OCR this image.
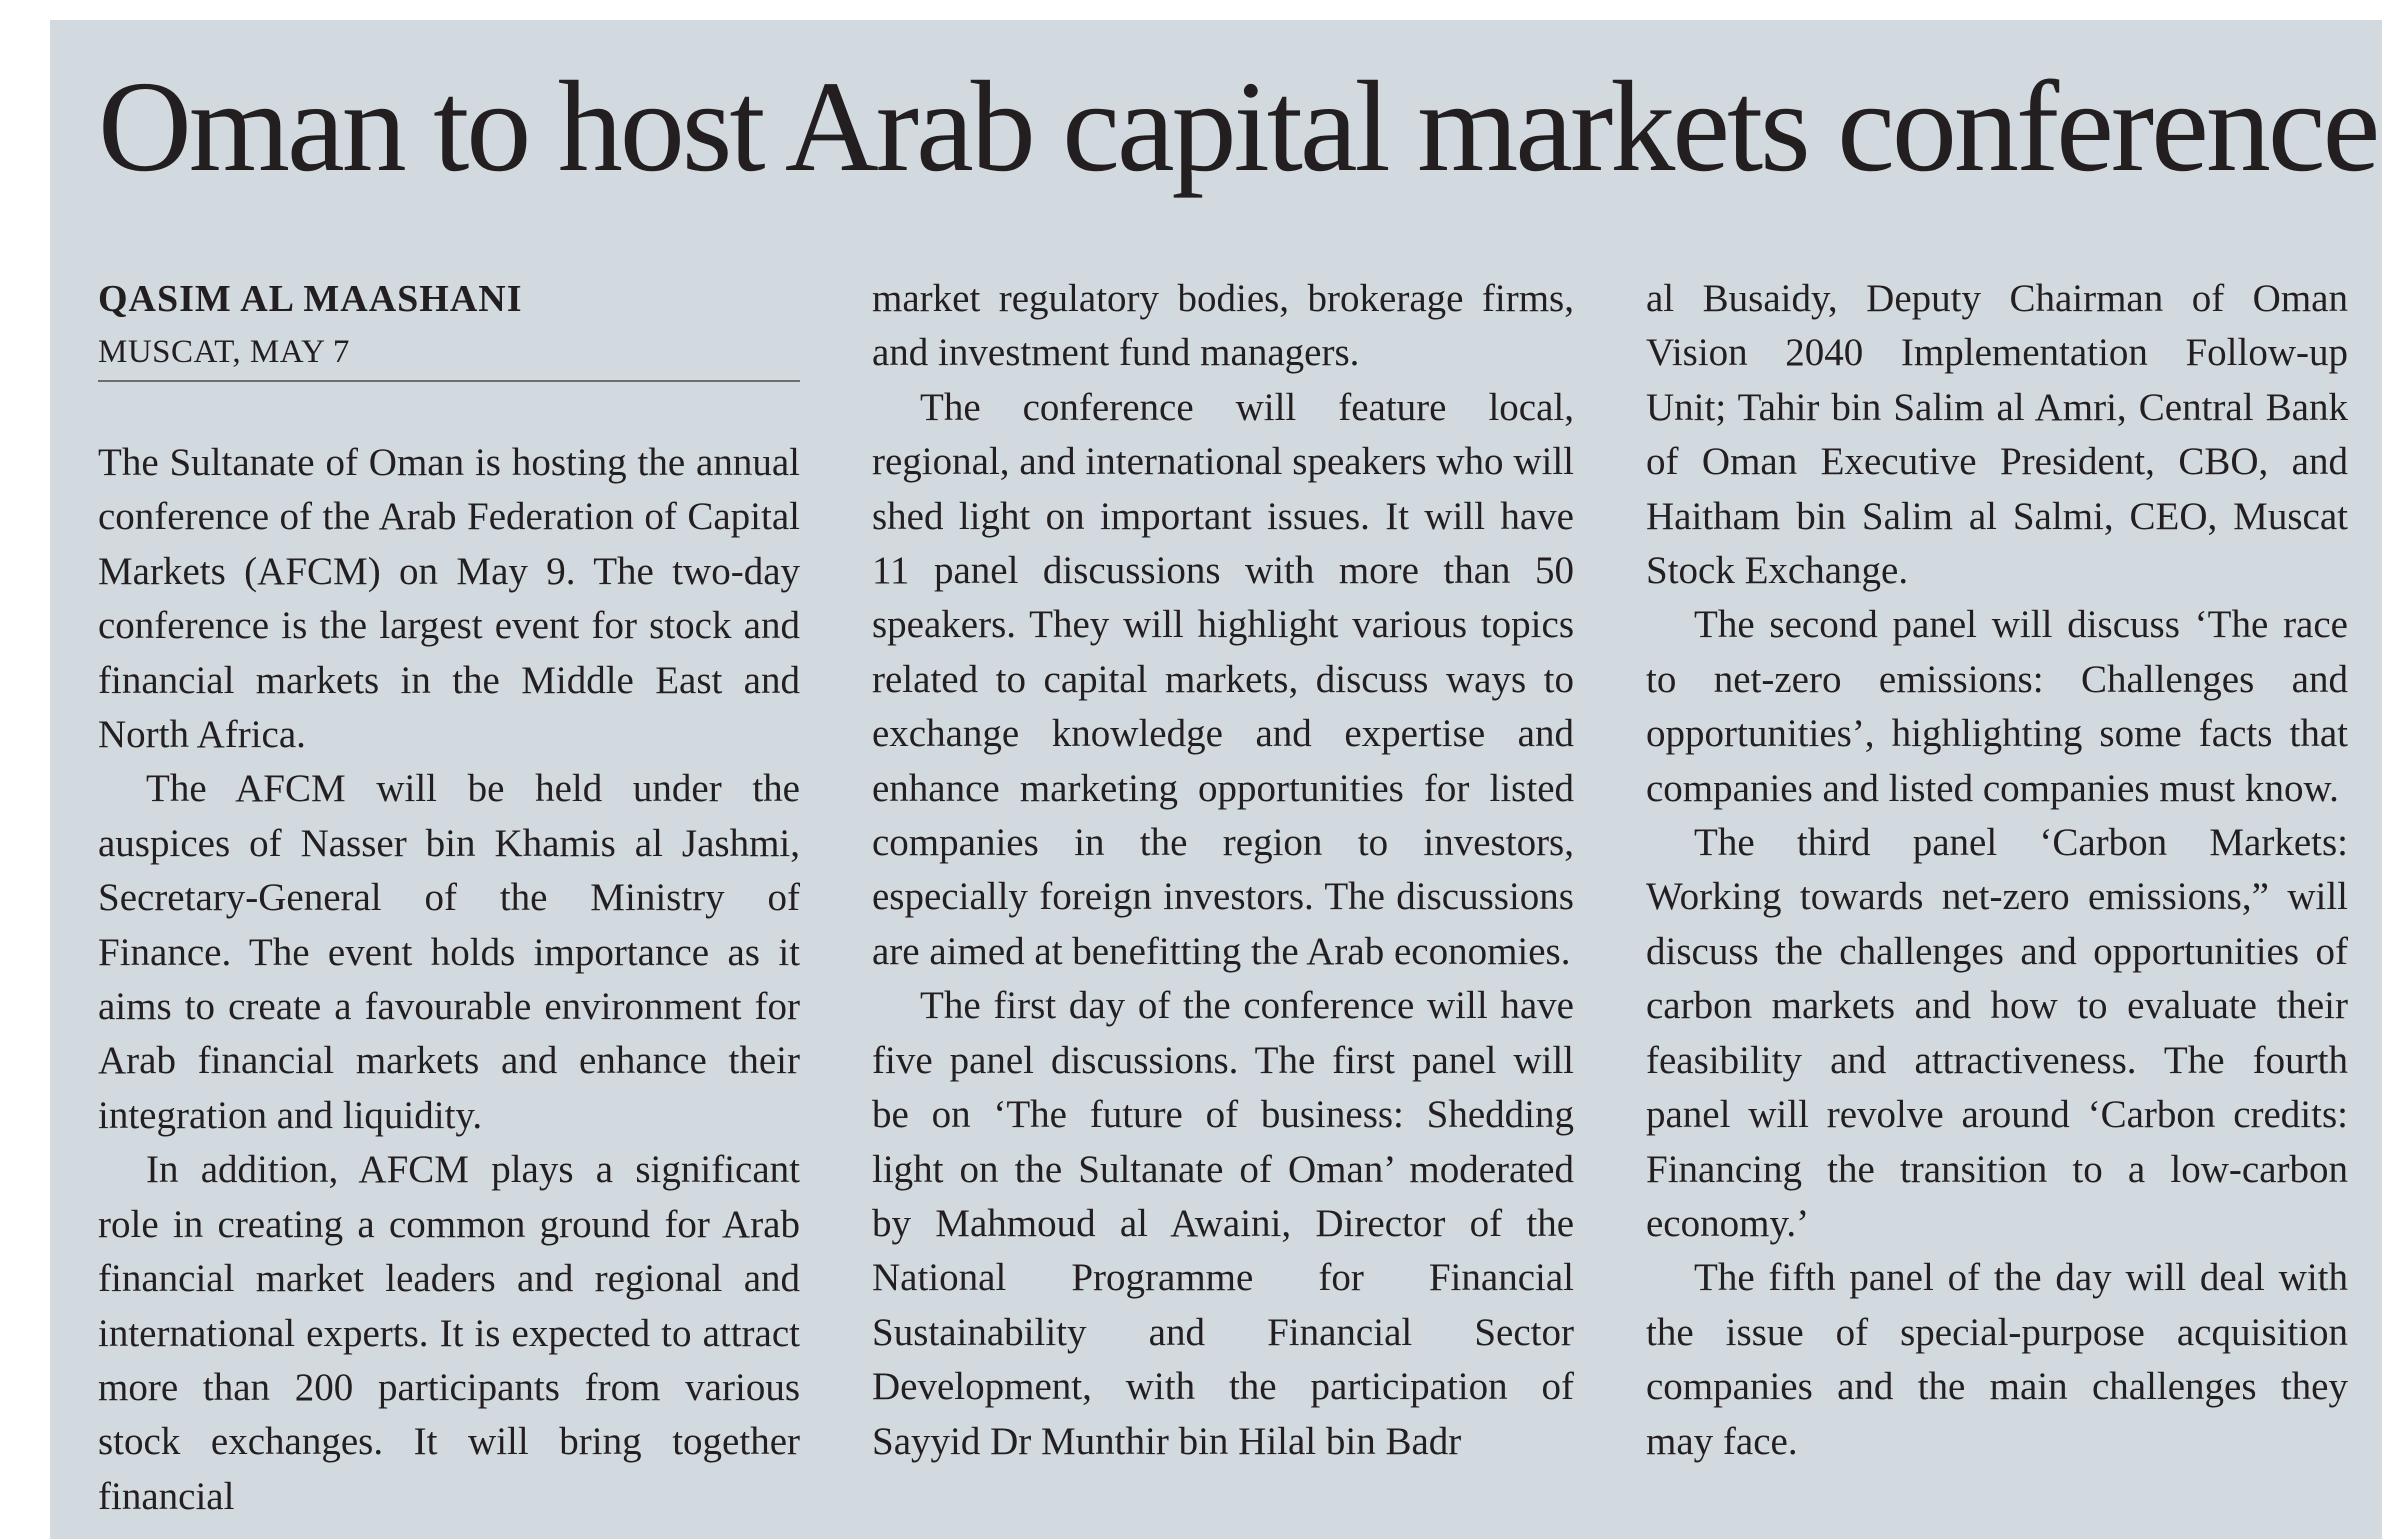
Oman to host Arab capital markets conference
QASIM AL MAASHANI
MUSCAT, MAY 7

The Sultanate of Oman is hosting the annual conference of the Arab Federation of Capital Markets (AFCM) on May 9. The two-day conference is the largest event for stock and financial markets in the Middle East and North Africa.

The AFCM will be held under the auspices of Nasser bin Khamis al Jashmi, Secretary-General of the Ministry of Finance. The event holds importance as it aims to create a favourable environment for Arab financial markets and enhance their integration and liquidity.

In addition, AFCM plays a significant role in creating a common ground for Arab financial market leaders and regional and international experts. It is expected to attract more than 200 participants from various stock exchanges. It will bring together financial

market regulatory bodies, brokerage firms, and investment fund managers.

The conference will feature local, regional, and international speakers who will shed light on important issues. It will have 11 panel discussions with more than 50 speakers. They will highlight various topics related to capital markets, discuss ways to exchange knowledge and expertise and enhance marketing opportunities for listed companies in the region to investors, especially foreign investors. The discussions are aimed at benefitting the Arab economies.

The first day of the conference will have five panel discussions. The first panel will be on ‘The future of business: Shedding light on the Sultanate of Oman’ moderated by Mahmoud al Awaini, Director of the National Programme for Financial Sustainability and Financial Sector Development, with the participation of Sayyid Dr Munthir bin Hilal bin Badr

al Busaidy, Deputy Chairman of Oman Vision 2040 Implementation Follow-up Unit; Tahir bin Salim al Amri, Central Bank of Oman Executive President, CBO, and Haitham bin Salim al Salmi, CEO, Muscat Stock Exchange.

The second panel will discuss ‘The race to net-zero emissions: Challenges and opportunities’, highlighting some facts that companies and listed companies must know.

The third panel ‘Carbon Markets: Working towards net-zero emissions,” will discuss the challenges and opportunities of carbon markets and how to evaluate their feasibility and attractiveness. The fourth panel will revolve around ‘Carbon credits: Financing the transition to a low-carbon economy.’

The fifth panel of the day will deal with the issue of special-purpose acquisition companies and the main challenges they may face.
